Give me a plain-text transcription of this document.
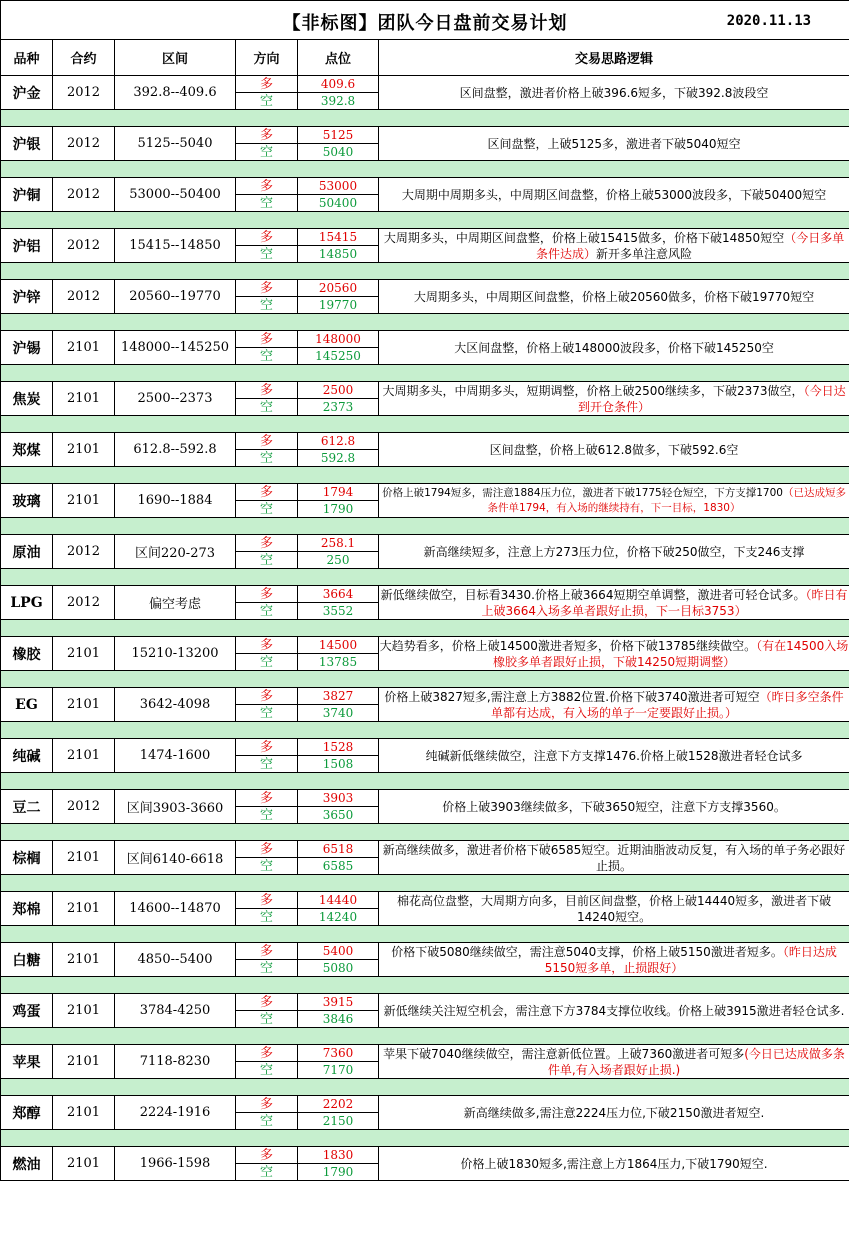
【非标图】团队今日盘前交易计划 2020.11.13					

品种	合约	区间	方向	点位	交易思路逻辑
沪金	2012	392.8--409.6	多	409.6	区间盘整，激进者价格上破396.6短多，下破392.8波段空
			空	392.8	

沪银	2012	5125--5040	多	5125	区间盘整，上破5125多，激进者下破5040短空
			空	5040	

沪铜	2012	53000--50400	多	53000	大周期中周期多头，中周期区间盘整，价格上破53000波段多，下破50400短空
			空	50400	

沪铝	2012	15415--14850	多	15415	大周期多头，中周期区间盘整，价格上破15415做多，价格下破14850短空（今日多单条件达成）新开多单注意风险
			空	14850	

沪锌	2012	20560--19770	多	20560	大周期多头，中周期区间盘整，价格上破20560做多，价格下破19770短空
			空	19770	

沪锡	2101	148000--145250	多	148000	大区间盘整，价格上破148000波段多，价格下破145250空
			空	145250	

焦炭	2101	2500--2373	多	2500	大周期多头，中周期多头，短期调整，价格上破2500继续多，下破2373做空，（今日达到开仓条件）
			空	2373	

郑煤	2101	612.8--592.8	多	612.8	区间盘整，价格上破612.8做多，下破592.6空
			空	592.8	

玻璃	2101	1690--1884	多	1794	价格上破1794短多，需注意1884压力位，激进者下破1775轻仓短空，下方支撑1700（已达成短多条件单1794，有入场的继续持有，下一目标，1830）
			空	1790	

原油	2012	区间220-273	多	258.1	新高继续短多，注意上方273压力位，价格下破250做空，下支246支撑
			空	250	

LPG	2012	偏空考虑	多	3664	新低继续做空，目标看3430.价格上破3664短期空单调整，激进者可轻仓试多。（昨日有上破3664入场多单者跟好止损，下一目标3753）
			空	3552	

橡胶	2101	15210-13200	多	14500	大趋势看多，价格上破14500激进者短多，价格下破13785继续做空。（有在14500入场橡胶多单者跟好止损，下破14250短期调整）
			空	13785	

EG	2101	3642-4098	多	3827	价格上破3827短多,需注意上方3882位置.价格下破3740激进者可短空（昨日多空条件单都有达成，有入场的单子一定要跟好止损。）
			空	3740	

纯碱	2101	1474-1600	多	1528	纯碱新低继续做空，注意下方支撑1476.价格上破1528激进者轻仓试多
			空	1508	

豆二	2012	区间3903-3660	多	3903	价格上破3903继续做多，下破3650短空，注意下方支撑3560。
			空	3650	

棕榈	2101	区间6140-6618	多	6518	新高继续做多，激进者价格下破6585短空。近期油脂波动反复，有入场的单子务必跟好止损。
			空	6585	

郑棉	2101	14600--14870	多	14440	棉花高位盘整，大周期方向多，目前区间盘整，价格上破14440短多，激进者下破14240短空。
			空	14240	

白糖	2101	4850--5400	多	5400	价格下破5080继续做空，需注意5040支撑，价格上破5150激进者短多。（昨日达成5150短多单，止损跟好）
			空	5080	

鸡蛋	2101	3784-4250	多	3915	新低继续关注短空机会，需注意下方3784支撑位收线。价格上破3915激进者轻仓试多.
			空	3846	

苹果	2101	7118-8230	多	7360	苹果下破7040继续做空，需注意新低位置。上破7360激进者可短多(今日已达成做多条件单,有入场者跟好止损.)
			空	7170	

郑醇	2101	2224-1916	多	2202	新高继续做多,需注意2224压力位,下破2150激进者短空.
			空	2150	

燃油	2101	1966-1598	多	1830	价格上破1830短多,需注意上方1864压力,下破1790短空.
			空	1790	
